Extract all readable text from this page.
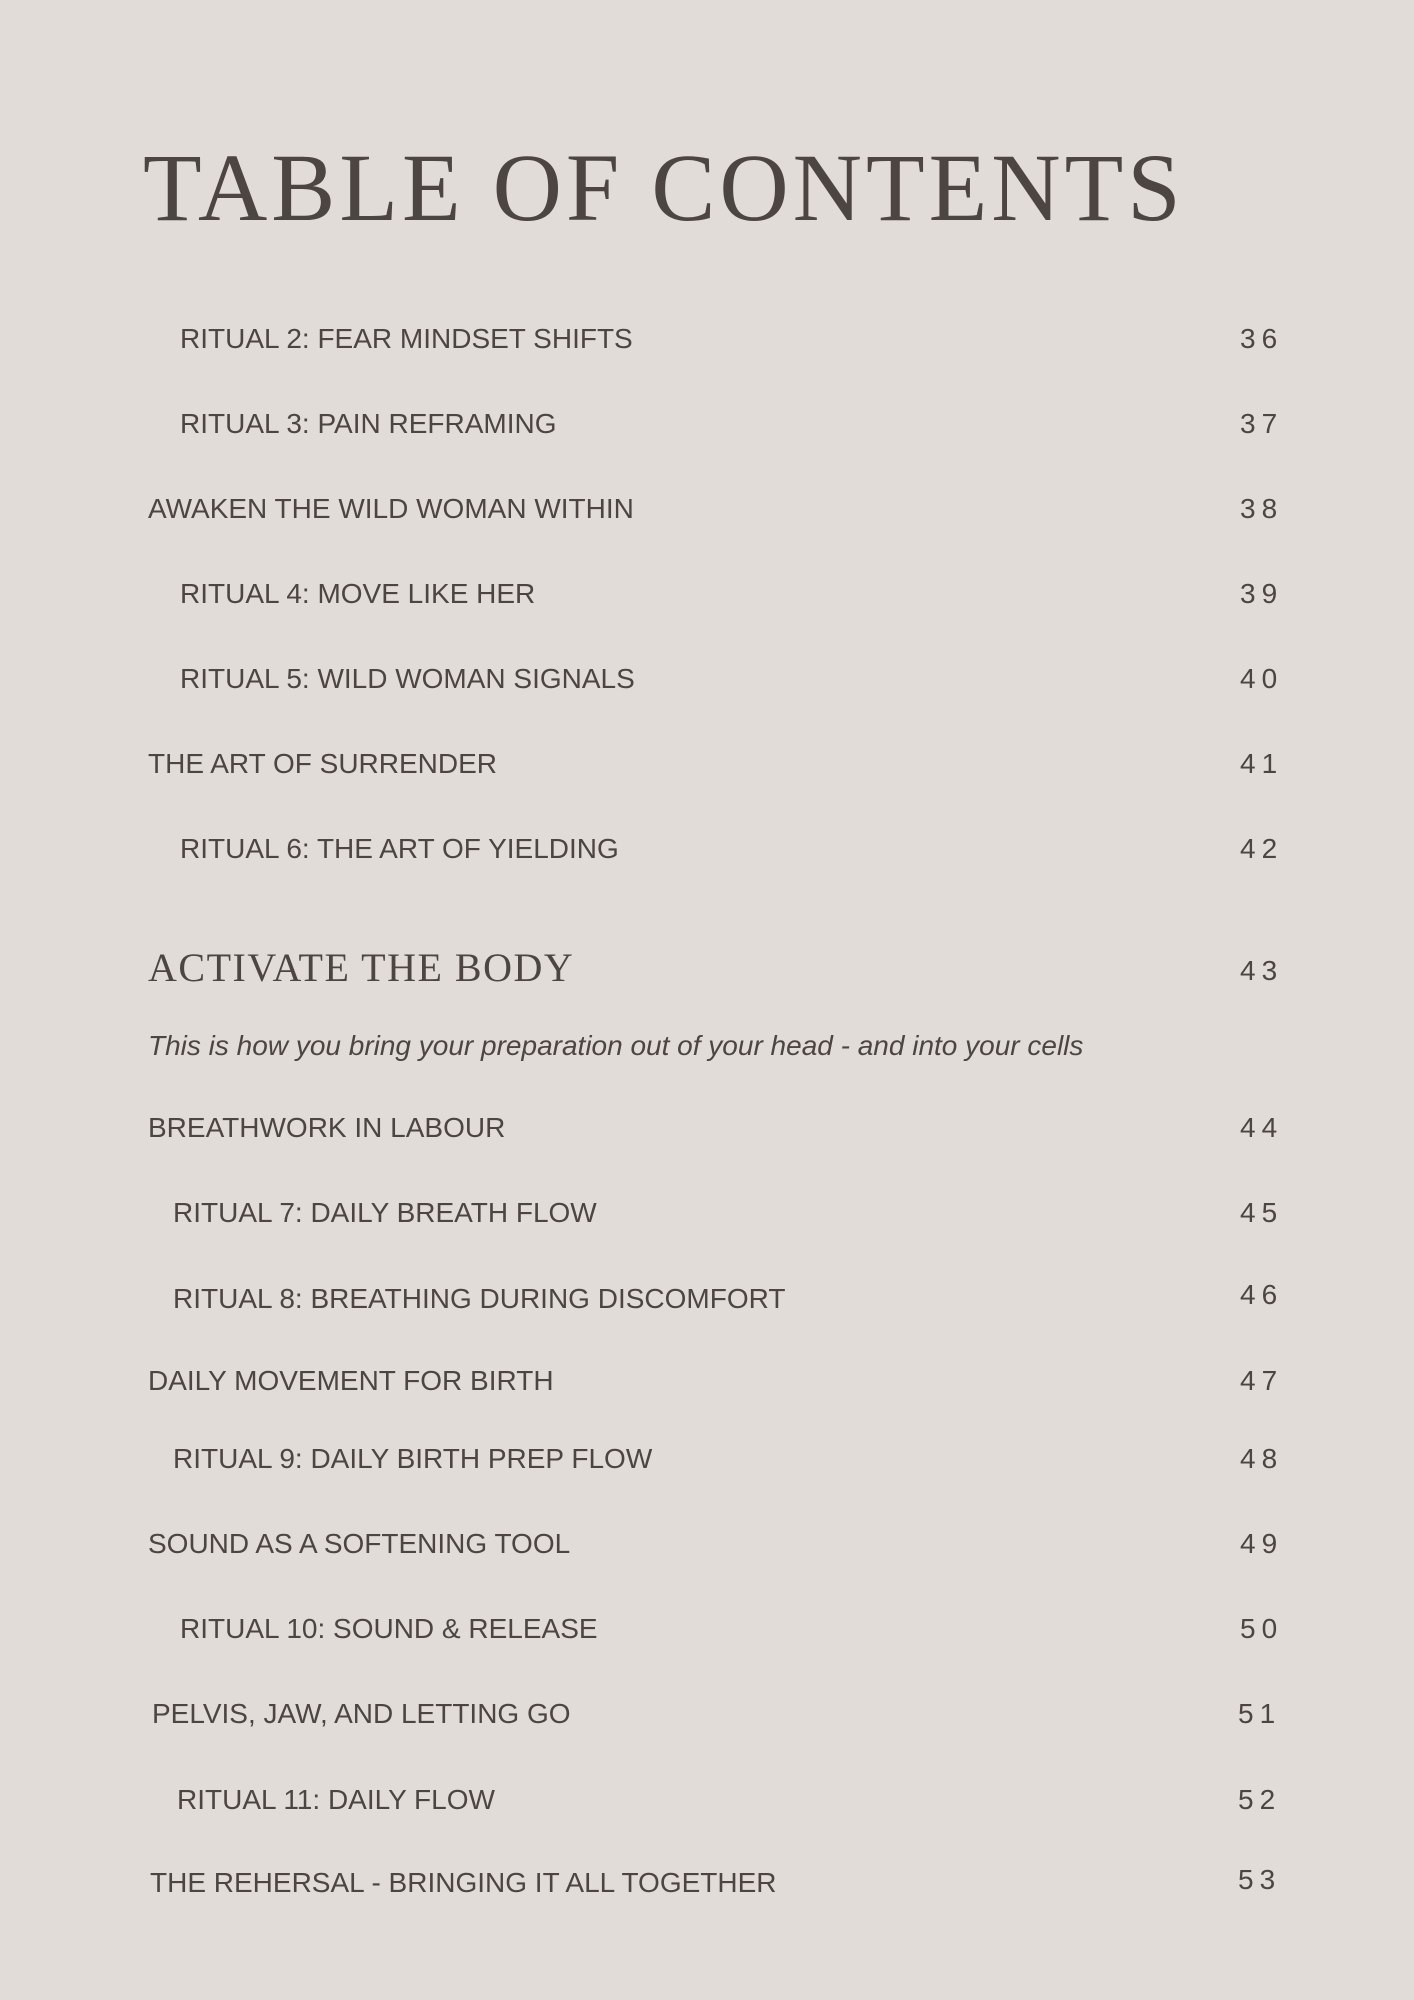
TABLE OF CONTENTS
RITUAL 2: FEAR MINDSET SHIFTS	36
RITUAL 3: PAIN REFRAMING	37
AWAKEN THE WILD WOMAN WITHIN	38
RITUAL 4: MOVE LIKE HER	39
RITUAL 5: WILD WOMAN SIGNALS	40
THE ART OF SURRENDER	41
RITUAL 6: THE ART OF YIELDING	42
ACTIVATE THE BODY	43
This is how you bring your preparation out of your head - and into your cells
BREATHWORK IN LABOUR	44
RITUAL 7: DAILY BREATH FLOW	45
RITUAL 8: BREATHING DURING DISCOMFORT	46
DAILY MOVEMENT FOR BIRTH	47
RITUAL 9: DAILY BIRTH PREP FLOW	48
SOUND AS A SOFTENING TOOL	49
RITUAL 10: SOUND & RELEASE	50
PELVIS, JAW, AND LETTING GO	51
RITUAL 11: DAILY FLOW	52
THE REHERSAL - BRINGING IT ALL TOGETHER	53
